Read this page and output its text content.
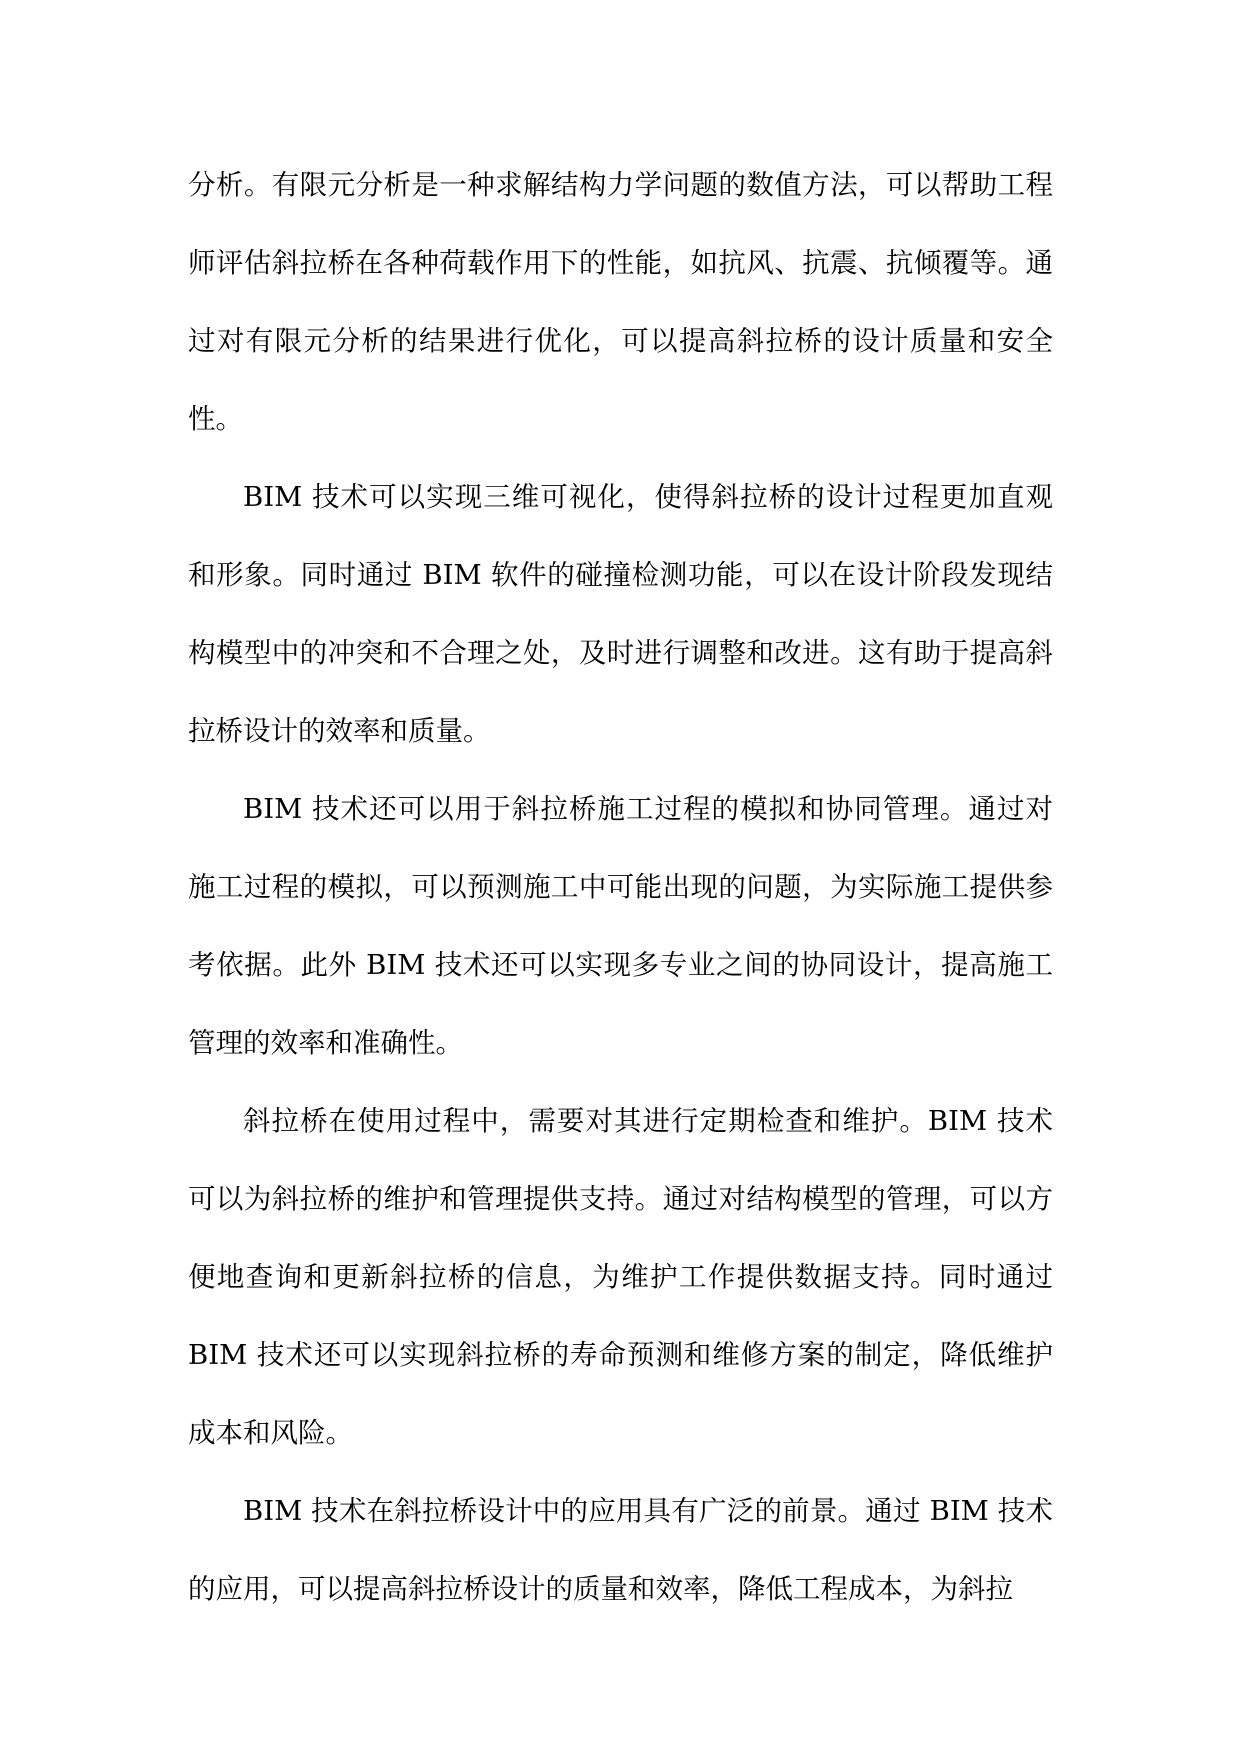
分析。有限元分析是一种求解结构力学问题的数值方法，可以帮助工程师评估斜拉桥在各种荷载作用下的性能，如抗风、抗震、抗倾覆等。通过对有限元分析的结果进行优化，可以提高斜拉桥的设计质量和安全性。

BIM 技术可以实现三维可视化，使得斜拉桥的设计过程更加直观和形象。同时通过 BIM 软件的碰撞检测功能，可以在设计阶段发现结构模型中的冲突和不合理之处，及时进行调整和改进。这有助于提高斜拉桥设计的效率和质量。

BIM 技术还可以用于斜拉桥施工过程的模拟和协同管理。通过对施工过程的模拟，可以预测施工中可能出现的问题，为实际施工提供参考依据。此外 BIM 技术还可以实现多专业之间的协同设计，提高施工管理的效率和准确性。

斜拉桥在使用过程中，需要对其进行定期检查和维护。BIM 技术可以为斜拉桥的维护和管理提供支持。通过对结构模型的管理，可以方便地查询和更新斜拉桥的信息，为维护工作提供数据支持。同时通过 BIM 技术还可以实现斜拉桥的寿命预测和维修方案的制定，降低维护成本和风险。

BIM 技术在斜拉桥设计中的应用具有广泛的前景。通过 BIM 技术的应用，可以提高斜拉桥设计的质量和效率，降低工程成本，为斜拉
